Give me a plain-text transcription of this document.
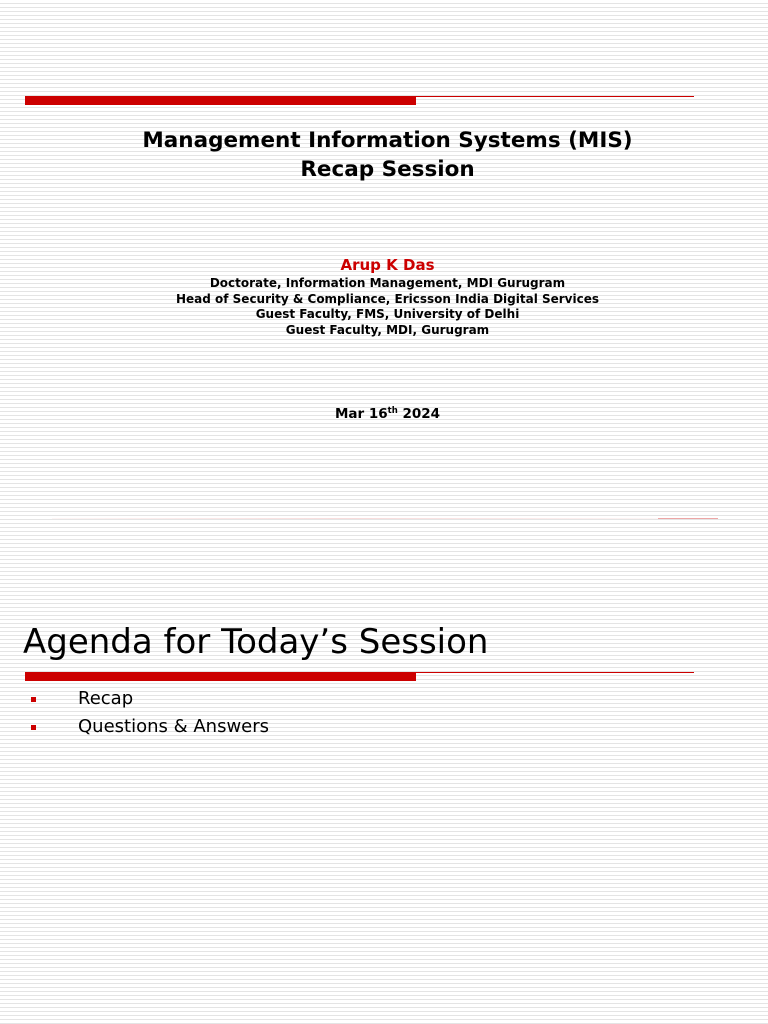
Management Information Systems (MIS)
Recap Session
Arup K Das
Doctorate, Information Management, MDI Gurugram
Head of Security & Compliance, Ericsson India Digital Services
Guest Faculty, FMS, University of Delhi
Guest Faculty, MDI, Gurugram
Mar 16th 2024
Agenda for Today’s Session
Recap
Questions & Answers
